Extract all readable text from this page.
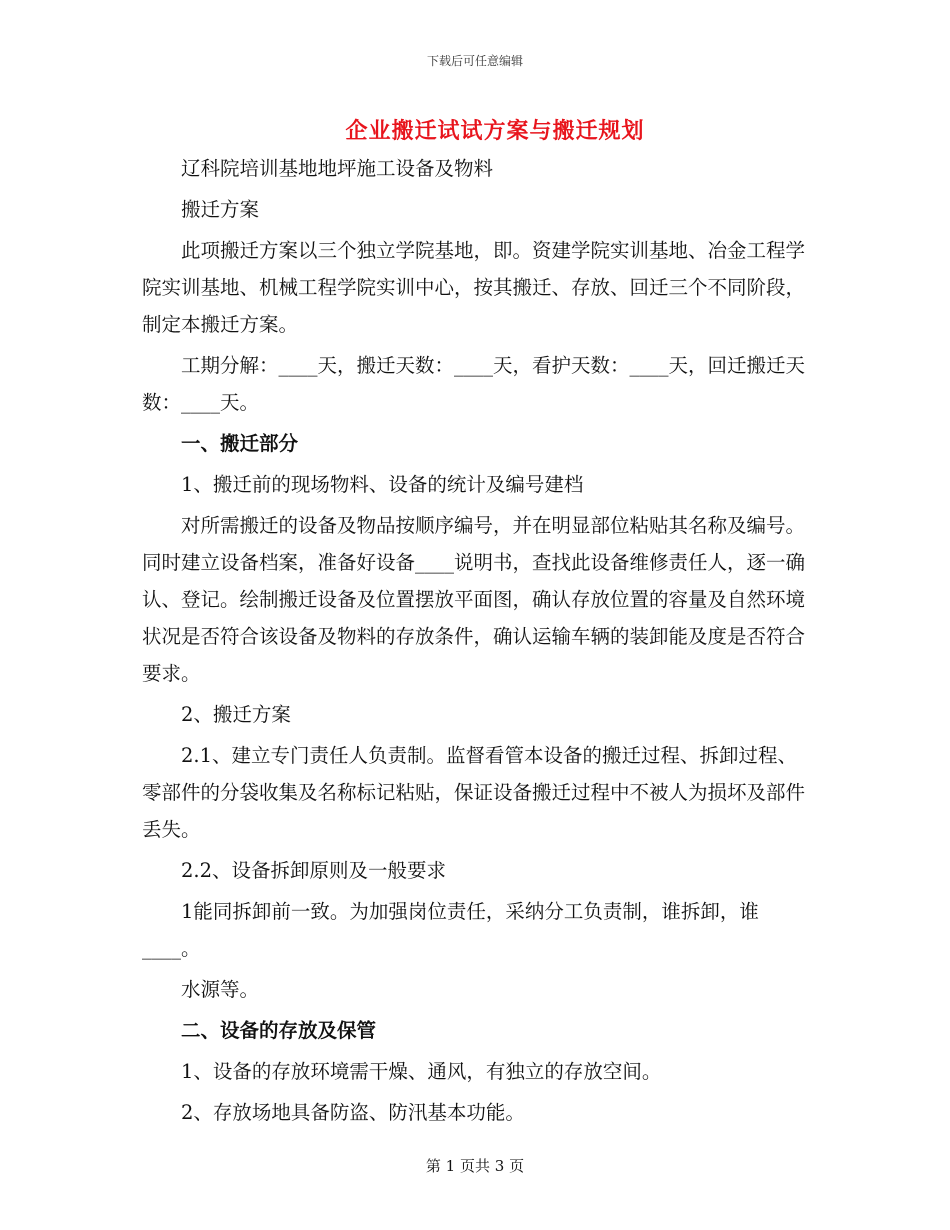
下载后可任意编辑
企业搬迁试试方案与搬迁规划

辽科院培训基地地坪施工设备及物料

搬迁方案

此项搬迁方案以三个独立学院基地，即。资建学院实训基地、冶金工程学院实训基地、机械工程学院实训中心，按其搬迁、存放、回迁三个不同阶段，制定本搬迁方案。

工期分解：____天，搬迁天数：____天，看护天数：____天，回迁搬迁天数：____天。

一、搬迁部分

1、搬迁前的现场物料、设备的统计及编号建档

对所需搬迁的设备及物品按顺序编号，并在明显部位粘贴其名称及编号。同时建立设备档案，准备好设备____说明书，查找此设备维修责任人，逐一确认、登记。绘制搬迁设备及位置摆放平面图，确认存放位置的容量及自然环境状况是否符合该设备及物料的存放条件，确认运输车辆的装卸能及度是否符合要求。

2、搬迁方案

2.1、建立专门责任人负责制。监督看管本设备的搬迁过程、拆卸过程、零部件的分袋收集及名称标记粘贴，保证设备搬迁过程中不被人为损坏及部件丢失。

2.2、设备拆卸原则及一般要求

1能同拆卸前一致。为加强岗位责任，采纳分工负责制，谁拆卸，谁____。

水源等。

二、设备的存放及保管

1、设备的存放环境需干燥、通风，有独立的存放空间。

2、存放场地具备防盗、防汛基本功能。

第 1 页共 3 页
